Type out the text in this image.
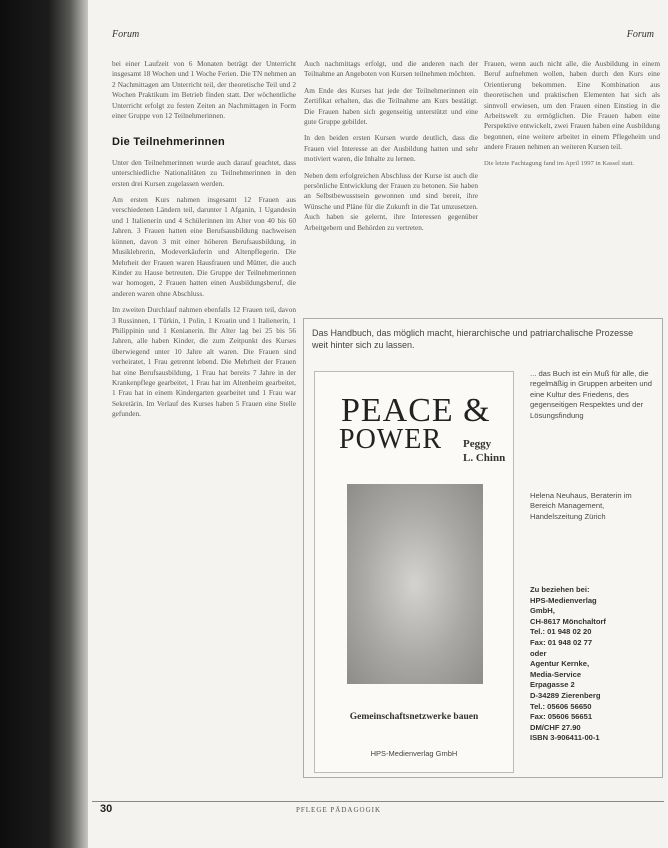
Forum	Forum

bei einer Laufzeit von 6 Monaten beträgt der Unterricht insgesamt 18 Wochen und 1 Woche Ferien. Die TN nehmen an 2 Nachmittagen am Unterricht teil, der theoretische Teil und 2 Wochen Praktikum im Betrieb finden statt. Der wöchentliche Unterricht erfolgt zu festen Zeiten an Nachmittagen in Form einer Gruppe von 12 Teilnehmerinnen.

Die Teilnehmerinnen

Unter den Teilnehmerinnen wurde auch darauf geachtet, dass unterschiedliche Nationalitäten zu Teilnehmerinnen in den ersten drei Kursen zugelassen werden.

Am ersten Kurs nahmen insgesamt 12 Frauen aus verschiedenen Ländern teil, darunter 1 Afganin, 1 Ugandesin und 1 Italienerin und 4 Schülerinnen im Alter von 40 bis 60 Jahren. 3 Frauen hatten eine Berufsausbildung nachweisen können, davon 3 mit einer höheren Berufsausbildung, in Musiklehrerin, Modeverkäuferin und Altenpflegerin. Die Mehrheit der Frauen waren Hausfrauen und Mütter, die auch Kinder zu Hause betreuten. Die Gruppe der Teilnehmerinnen war homogen, 2 Frauen hatten einen Ausbildungsberuf, die anderen waren ohne Abschluss.

Im zweiten Durchlauf nahmen ebenfalls 12 Frauen teil, davon 3 Russinnen, 1 Türkin, 1 Polin, 1 Kroatin und 1 Italienerin, 1 Philippinin und 1 Kenianerin. Ihr Alter lag bei 25 bis 56 Jahren, alle haben Kinder, die zum Zeitpunkt des Kurses überwiegend unter 10 Jahre alt waren. Die Frauen sind verheiratet, 1 Frau getrennt lebend. Die Mehrheit der Frauen hat eine Berufsausbildung, 1 Frau hat bereits 7 Jahre in der Krankenpflege gearbeitet, 1 Frau hat im Altenheim gearbeitet, 1 Frau hat in einem Kindergarten gearbeitet und 1 Frau war Sekretärin. Im Verlauf des Kurses haben 5 Frauen eine Stelle gefunden.

Auch nachmittags erfolgt, und die anderen nach der Teilnahme an Angeboten von Kursen teilnehmen möchten.

Am Ende des Kurses hat jede der Teilnehmerinnen ein Zertifikat erhalten, das die Teilnahme am Kurs bestätigt. Die Frauen haben sich gegenseitig unterstützt und eine gute Gruppe gebildet.

In den beiden ersten Kursen wurde deutlich, dass die Frauen viel Interesse an der Ausbildung hatten und sehr motiviert waren, die Inhalte zu lernen.

Neben dem erfolgreichen Abschluss der Kurse ist auch die persönliche Entwicklung der Frauen zu betonen. Sie haben an Selbstbewusstsein gewonnen und sind bereit, ihre Wünsche und Pläne für die Zukunft in die Tat umzusetzen. Auch haben sie gelernt, ihre Interessen gegenüber Arbeitgebern und Behörden zu vertreten.

Frauen, wenn auch nicht alle, die Ausbildung in einem Beruf aufnehmen wollen, haben durch den Kurs eine Orientierung bekommen. Eine Kombination aus theoretischen und praktischen Elementen hat sich als sinnvoll erwiesen, um den Frauen einen Einstieg in die Arbeitswelt zu ermöglichen. Die Frauen haben eine Perspektive entwickelt, zwei Frauen haben eine Ausbildung begonnen, eine weitere arbeitet in einem Pflegeheim und andere Frauen nehmen an weiteren Kursen teil.

Die letzte Fachtagung fand im April 1997 in Kassel statt.

Das Handbuch, das möglich macht, hierarchische und patriarchalische Prozesse weit hinter sich zu lassen.
PEACE &
POWER Peggy
L. Chinn
Gemeinschaftsnetzwerke bauen
HPS-Medienverlag GmbH
... das Buch ist ein Muß für alle, die regelmäßig in Gruppen arbeiten und eine Kultur des Friedens, des gegenseitigen Respektes und der Lösungsfindung
Helena Neuhaus, Beraterin im Bereich Management, Handelszeitung Zürich
Zu beziehen bei:
HPS-Medienverlag
GmbH,
CH-8617 Mönchaltorf
Tel.: 01 948 02 20
Fax: 01 948 02 77
oder
Agentur Kernke,
Media-Service
Erpagasse 2
D-34289 Zierenberg
Tel.: 05606 56650
Fax: 05606 56651
DM/CHF 27.90
ISBN 3-906411-00-1
30	PFLEGE PÄDAGOGIK
